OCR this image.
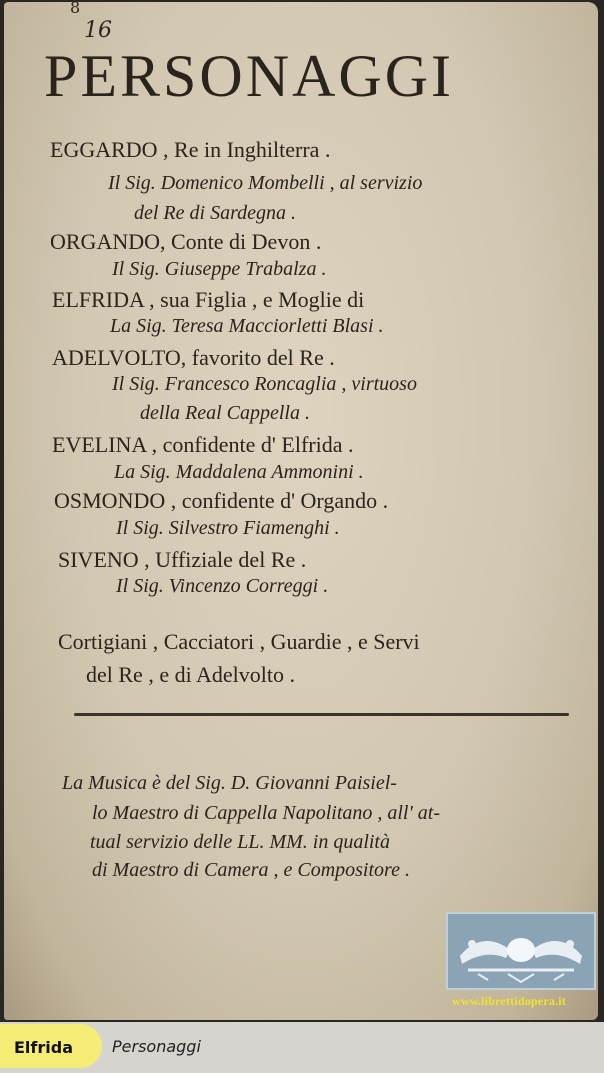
8
16
PERSONAGGI
EGGARDO , Re in Inghilterra .
Il Sig. Domenico Mombelli , al servizio
del Re di Sardegna .
ORGANDO, Conte di Devon .
Il Sig. Giuseppe Trabalza .
ELFRIDA , sua Figlia , e Moglie di
La Sig. Teresa Macciorletti Blasi .
ADELVOLTO, favorito del Re .
Il Sig. Francesco Roncaglia , virtuoso
della Real Cappella .
EVELINA , confidente d' Elfrida .
La Sig. Maddalena Ammonini .
OSMONDO , confidente d' Orgando .
Il Sig. Silvestro Fiamenghi .
SIVENO , Uffiziale del Re .
Il Sig. Vincenzo Correggi .
Cortigiani , Cacciatori , Guardie , e Servi
del Re , e di Adelvolto .
La Musica è del Sig. D. Giovanni Paisiel-
lo Maestro di Cappella Napolitano , all' at-
tual servizio delle LL. MM. in qualità
di Maestro di Camera , e Compositore .
www.librettidopera.it
Elfrida Personaggi
